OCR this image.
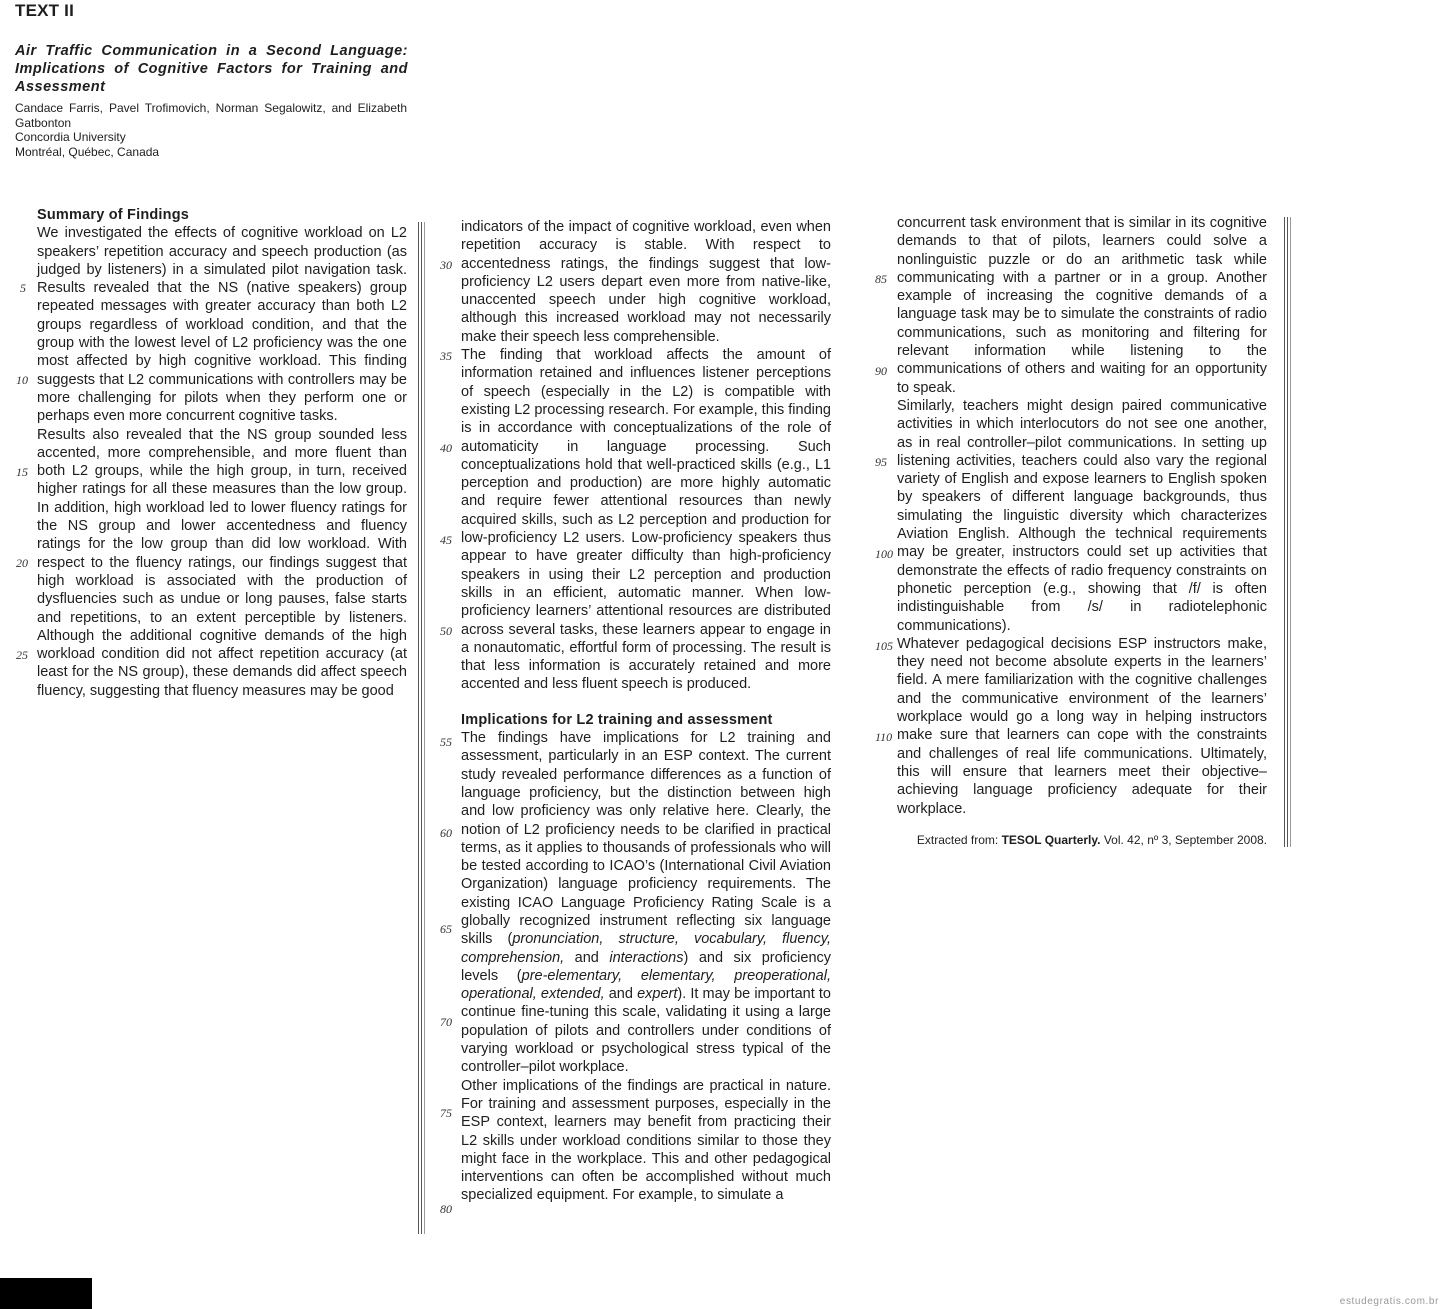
TEXT II
Air Traffic Communication in a Second Language: Implications of Cognitive Factors for Training and Assessment
Candace Farris, Pavel Trofimovich, Norman Segalowitz, and Elizabeth Gatbonton
Concordia University
Montréal, Québec, Canada
Summary of Findings

We investigated the effects of cognitive workload on L2 speakers’ repetition accuracy and speech production (as judged by listeners) in a simulated pilot navigation task. Results revealed that the NS (native speakers) group repeated messages with greater accuracy than both L2 groups regardless of workload condition, and that the group with the lowest level of L2 proficiency was the one most affected by high cognitive workload. This finding suggests that L2 communications with controllers may be more challenging for pilots when they perform one or perhaps even more concurrent cognitive tasks.

Results also revealed that the NS group sounded less accented, more comprehensible, and more fluent than both L2 groups, while the high group, in turn, received higher ratings for all these measures than the low group. In addition, high workload led to lower fluency ratings for the NS group and lower accentedness and fluency ratings for the low group than did low workload. With respect to the fluency ratings, our findings suggest that high workload is associated with the production of dysfluencies such as undue or long pauses, false starts and repetitions, to an extent perceptible by listeners. Although the additional cognitive demands of the high workload condition did not affect repetition accuracy (at least for the NS group), these demands did affect speech fluency, suggesting that fluency measures may be good

indicators of the impact of cognitive workload, even when repetition accuracy is stable. With respect to accentedness ratings, the findings suggest that low-proficiency L2 users depart even more from native-like, unaccented speech under high cognitive workload, although this increased workload may not necessarily make their speech less comprehensible.

The finding that workload affects the amount of information retained and influences listener perceptions of speech (especially in the L2) is compatible with existing L2 processing research. For example, this finding is in accordance with conceptualizations of the role of automaticity in language processing. Such conceptualizations hold that well-practiced skills (e.g., L1 perception and production) are more highly automatic and require fewer attentional resources than newly acquired skills, such as L2 perception and production for low-proficiency L2 users. Low-proficiency speakers thus appear to have greater difficulty than high-proficiency speakers in using their L2 perception and production skills in an efficient, automatic manner. When low-proficiency learners’ attentional resources are distributed across several tasks, these learners appear to engage in a nonautomatic, effortful form of processing. The result is that less information is accurately retained and more accented and less fluent speech is produced.

Implications for L2 training and assessment

The findings have implications for L2 training and assessment, particularly in an ESP context. The current study revealed performance differences as a function of language proficiency, but the distinction between high and low proficiency was only relative here. Clearly, the notion of L2 proficiency needs to be clarified in practical terms, as it applies to thousands of professionals who will be tested according to ICAO’s (International Civil Aviation Organization) language proficiency requirements. The existing ICAO Language Proficiency Rating Scale is a globally recognized instrument reflecting six language skills (pronunciation, structure, vocabulary, fluency, comprehension, and interactions) and six proficiency levels (pre-elementary, elementary, preoperational, operational, extended, and expert). It may be important to continue fine-tuning this scale, validating it using a large population of pilots and controllers under conditions of varying workload or psychological stress typical of the controller–pilot workplace.

Other implications of the findings are practical in nature. For training and assessment purposes, especially in the ESP context, learners may benefit from practicing their L2 skills under workload conditions similar to those they might face in the workplace. This and other pedagogical interventions can often be accomplished without much specialized equipment. For example, to simulate a

concurrent task environment that is similar in its cognitive demands to that of pilots, learners could solve a nonlinguistic puzzle or do an arithmetic task while communicating with a partner or in a group. Another example of increasing the cognitive demands of a language task may be to simulate the constraints of radio communications, such as monitoring and filtering for relevant information while listening to the communications of others and waiting for an opportunity to speak.

Similarly, teachers might design paired communicative activities in which interlocutors do not see one another, as in real controller–pilot communications. In setting up listening activities, teachers could also vary the regional variety of English and expose learners to English spoken by speakers of different language backgrounds, thus simulating the linguistic diversity which characterizes Aviation English. Although the technical requirements may be greater, instructors could set up activities that demonstrate the effects of radio frequency constraints on phonetic perception (e.g., showing that /f/ is often indistinguishable from /s/ in radiotelephonic communications).

Whatever pedagogical decisions ESP instructors make, they need not become absolute experts in the learners’ field. A mere familiarization with the cognitive challenges and the communicative environment of the learners’ workplace would go a long way in helping instructors make sure that learners can cope with the constraints and challenges of real life communications. Ultimately, this will ensure that learners meet their objective–achieving language proficiency adequate for their workplace.

5
10
15
20
25
30
35
40
45
50
55
60
65
70
75
80
85
90
95
100
105
110
Extracted from: TESOL Quarterly. Vol. 42, nº 3, September 2008.
estudegratis.com.br
